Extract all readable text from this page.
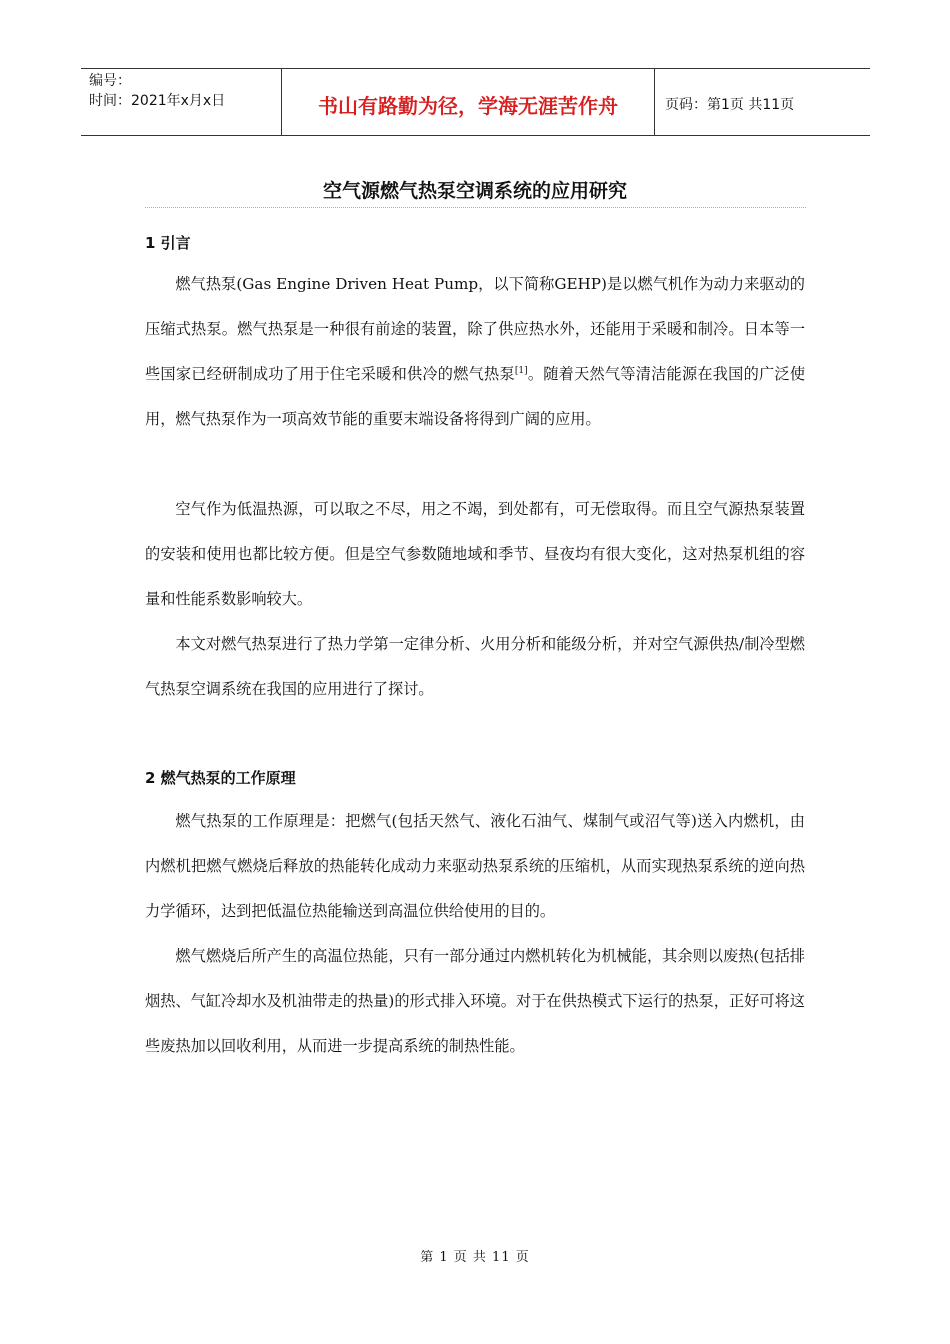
编号：
时间：2021年x月x日	书山有路勤为径，学海无涯苦作舟	页码：第1页 共11页
空气源燃气热泵空调系统的应用研究
1 引言
燃气热泵(Gas Engine Driven Heat Pump，以下简称GEHP)是以燃气机作为动力来驱动的压缩式热泵。燃气热泵是一种很有前途的装置，除了供应热水外，还能用于采暖和制冷。日本等一些国家已经研制成功了用于住宅采暖和供冷的燃气热泵[1]。随着天然气等清洁能源在我国的广泛使用，燃气热泵作为一项高效节能的重要末端设备将得到广阔的应用。
空气作为低温热源，可以取之不尽，用之不竭，到处都有，可无偿取得。而且空气源热泵装置的安装和使用也都比较方便。但是空气参数随地域和季节、昼夜均有很大变化，这对热泵机组的容量和性能系数影响较大。
本文对燃气热泵进行了热力学第一定律分析、火用分析和能级分析，并对空气源供热/制冷型燃气热泵空调系统在我国的应用进行了探讨。
2 燃气热泵的工作原理
燃气热泵的工作原理是：把燃气(包括天然气、液化石油气、煤制气或沼气等)送入内燃机，由内燃机把燃气燃烧后释放的热能转化成动力来驱动热泵系统的压缩机，从而实现热泵系统的逆向热力学循环，达到把低温位热能输送到高温位供给使用的目的。
燃气燃烧后所产生的高温位热能，只有一部分通过内燃机转化为机械能，其余则以废热(包括排烟热、气缸冷却水及机油带走的热量)的形式排入环境。对于在供热模式下运行的热泵，正好可将这些废热加以回收利用，从而进一步提高系统的制热性能。
第 1 页 共 11 页
